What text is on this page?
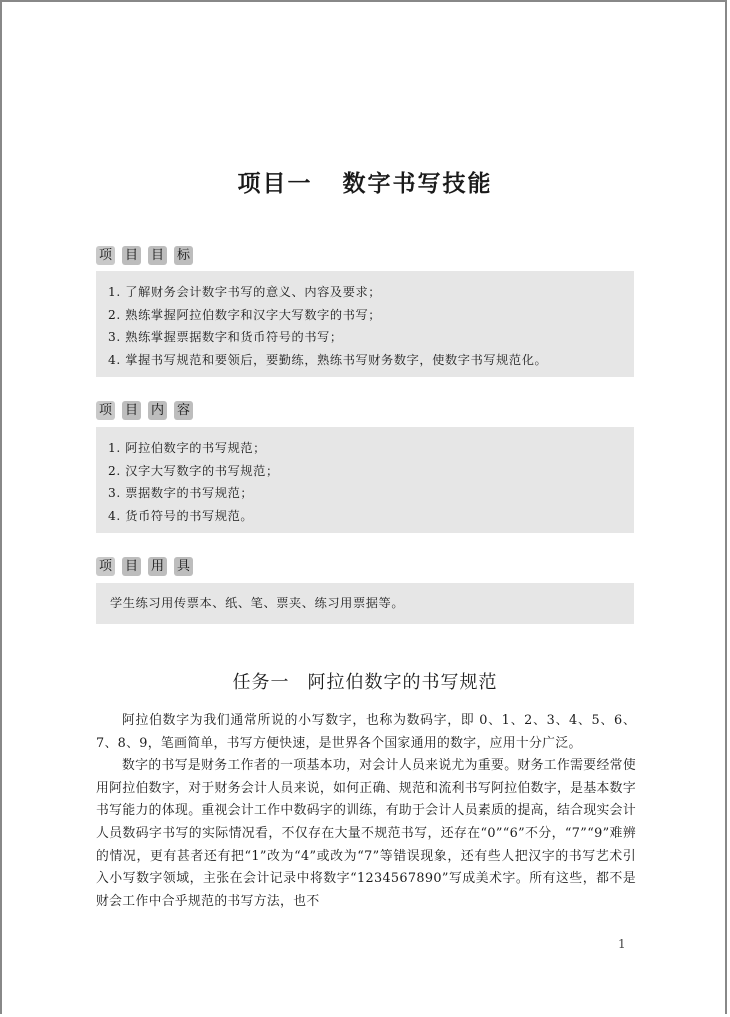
项目一 数字书写技能
项 目 目 标
1. 了解财务会计数字书写的意义、内容及要求；
2. 熟练掌握阿拉伯数字和汉字大写数字的书写；
3. 熟练掌握票据数字和货币符号的书写；
4. 掌握书写规范和要领后，要勤练，熟练书写财务数字，使数字书写规范化。
项 目 内 容
1. 阿拉伯数字的书写规范；
2. 汉字大写数字的书写规范；
3. 票据数字的书写规范；
4. 货币符号的书写规范。
项 目 用 具
学生练习用传票本、纸、笔、票夹、练习用票据等。
任务一 阿拉伯数字的书写规范
阿拉伯数字为我们通常所说的小写数字，也称为数码字，即 0、1、2、3、4、5、6、7、8、9，笔画简单，书写方便快速，是世界各个国家通用的数字，应用十分广泛。
数字的书写是财务工作者的一项基本功，对会计人员来说尤为重要。财务工作需要经常使用阿拉伯数字，对于财务会计人员来说，如何正确、规范和流利书写阿拉伯数字，是基本数字书写能力的体现。重视会计工作中数码字的训练，有助于会计人员素质的提高，结合现实会计人员数码字书写的实际情况看，不仅存在大量不规范书写，还存在“0”“6”不分，“7”“9”难辨的情况，更有甚者还有把“1”改为“4”或改为“7”等错误现象，还有些人把汉字的书写艺术引入小写数字领域，主张在会计记录中将数字“1234567890”写成美术字。所有这些，都不是财会工作中合乎规范的书写方法，也不
1
